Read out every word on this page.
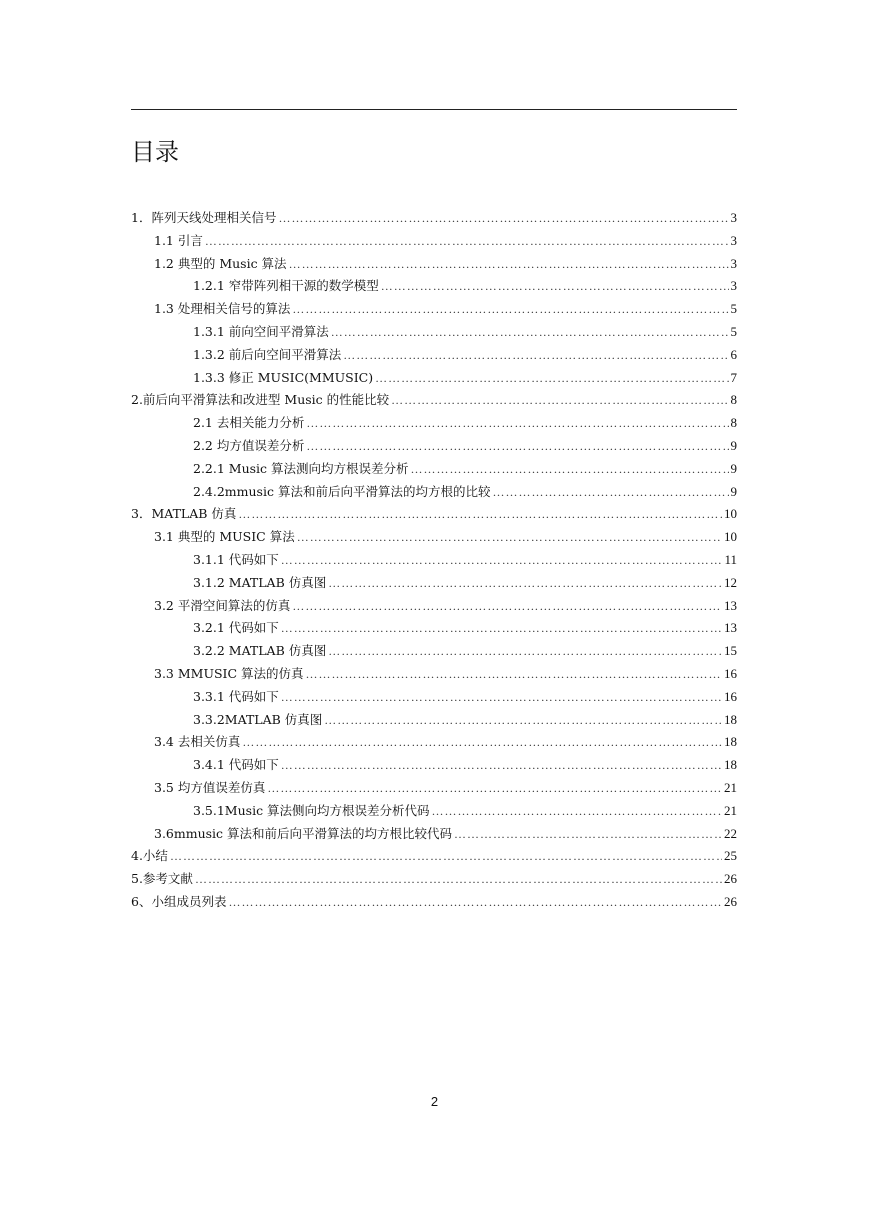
目录
1．阵列天线处理相关信号 ……………………………………………………………………………………………………………………………………………………………………………………	3
1.1 引言 ……………………………………………………………………………………………………………………………………………………………………………………	3
1.2 典型的 Music 算法 ……………………………………………………………………………………………………………………………………………………………………………………	3
1.2.1 窄带阵列相干源的数学模型 ……………………………………………………………………………………………………………………………………………………………………………………	3
1.3 处理相关信号的算法 ……………………………………………………………………………………………………………………………………………………………………………………	5
1.3.1 前向空间平滑算法 ……………………………………………………………………………………………………………………………………………………………………………………	5
1.3.2 前后向空间平滑算法 ……………………………………………………………………………………………………………………………………………………………………………………	6
1.3.3 修正 MUSIC(MMUSIC) ……………………………………………………………………………………………………………………………………………………………………………………	7
2.前后向平滑算法和改进型 Music 的性能比较 ……………………………………………………………………………………………………………………………………………………………………………………	8
2.1 去相关能力分析 ……………………………………………………………………………………………………………………………………………………………………………………	8
2.2 均方值误差分析 ……………………………………………………………………………………………………………………………………………………………………………………	9
2.2.1 Music 算法测向均方根误差分析 ……………………………………………………………………………………………………………………………………………………………………………………	9
2.4.2mmusic 算法和前后向平滑算法的均方根的比较 ……………………………………………………………………………………………………………………………………………………………………………………	9
3．MATLAB 仿真 ……………………………………………………………………………………………………………………………………………………………………………………	10
3.1 典型的 MUSIC 算法 ……………………………………………………………………………………………………………………………………………………………………………………	10
3.1.1 代码如下 ……………………………………………………………………………………………………………………………………………………………………………………	11
3.1.2 MATLAB 仿真图 ……………………………………………………………………………………………………………………………………………………………………………………	12
3.2 平滑空间算法的仿真 ……………………………………………………………………………………………………………………………………………………………………………………	13
3.2.1 代码如下 ……………………………………………………………………………………………………………………………………………………………………………………	13
3.2.2 MATLAB 仿真图 ……………………………………………………………………………………………………………………………………………………………………………………	15
3.3 MMUSIC 算法的仿真 ……………………………………………………………………………………………………………………………………………………………………………………	16
3.3.1 代码如下 ……………………………………………………………………………………………………………………………………………………………………………………	16
3.3.2MATLAB 仿真图 ……………………………………………………………………………………………………………………………………………………………………………………	18
3.4 去相关仿真 ……………………………………………………………………………………………………………………………………………………………………………………	18
3.4.1 代码如下 ……………………………………………………………………………………………………………………………………………………………………………………	18
3.5 均方值误差仿真 ……………………………………………………………………………………………………………………………………………………………………………………	21
3.5.1Music 算法侧向均方根误差分析代码 ……………………………………………………………………………………………………………………………………………………………………………………	21
3.6mmusic 算法和前后向平滑算法的均方根比较代码 ……………………………………………………………………………………………………………………………………………………………………………………	22
4.小结 ……………………………………………………………………………………………………………………………………………………………………………………	25
5.参考文献 ……………………………………………………………………………………………………………………………………………………………………………………	26
6、小组成员列表 ……………………………………………………………………………………………………………………………………………………………………………………	26
2
